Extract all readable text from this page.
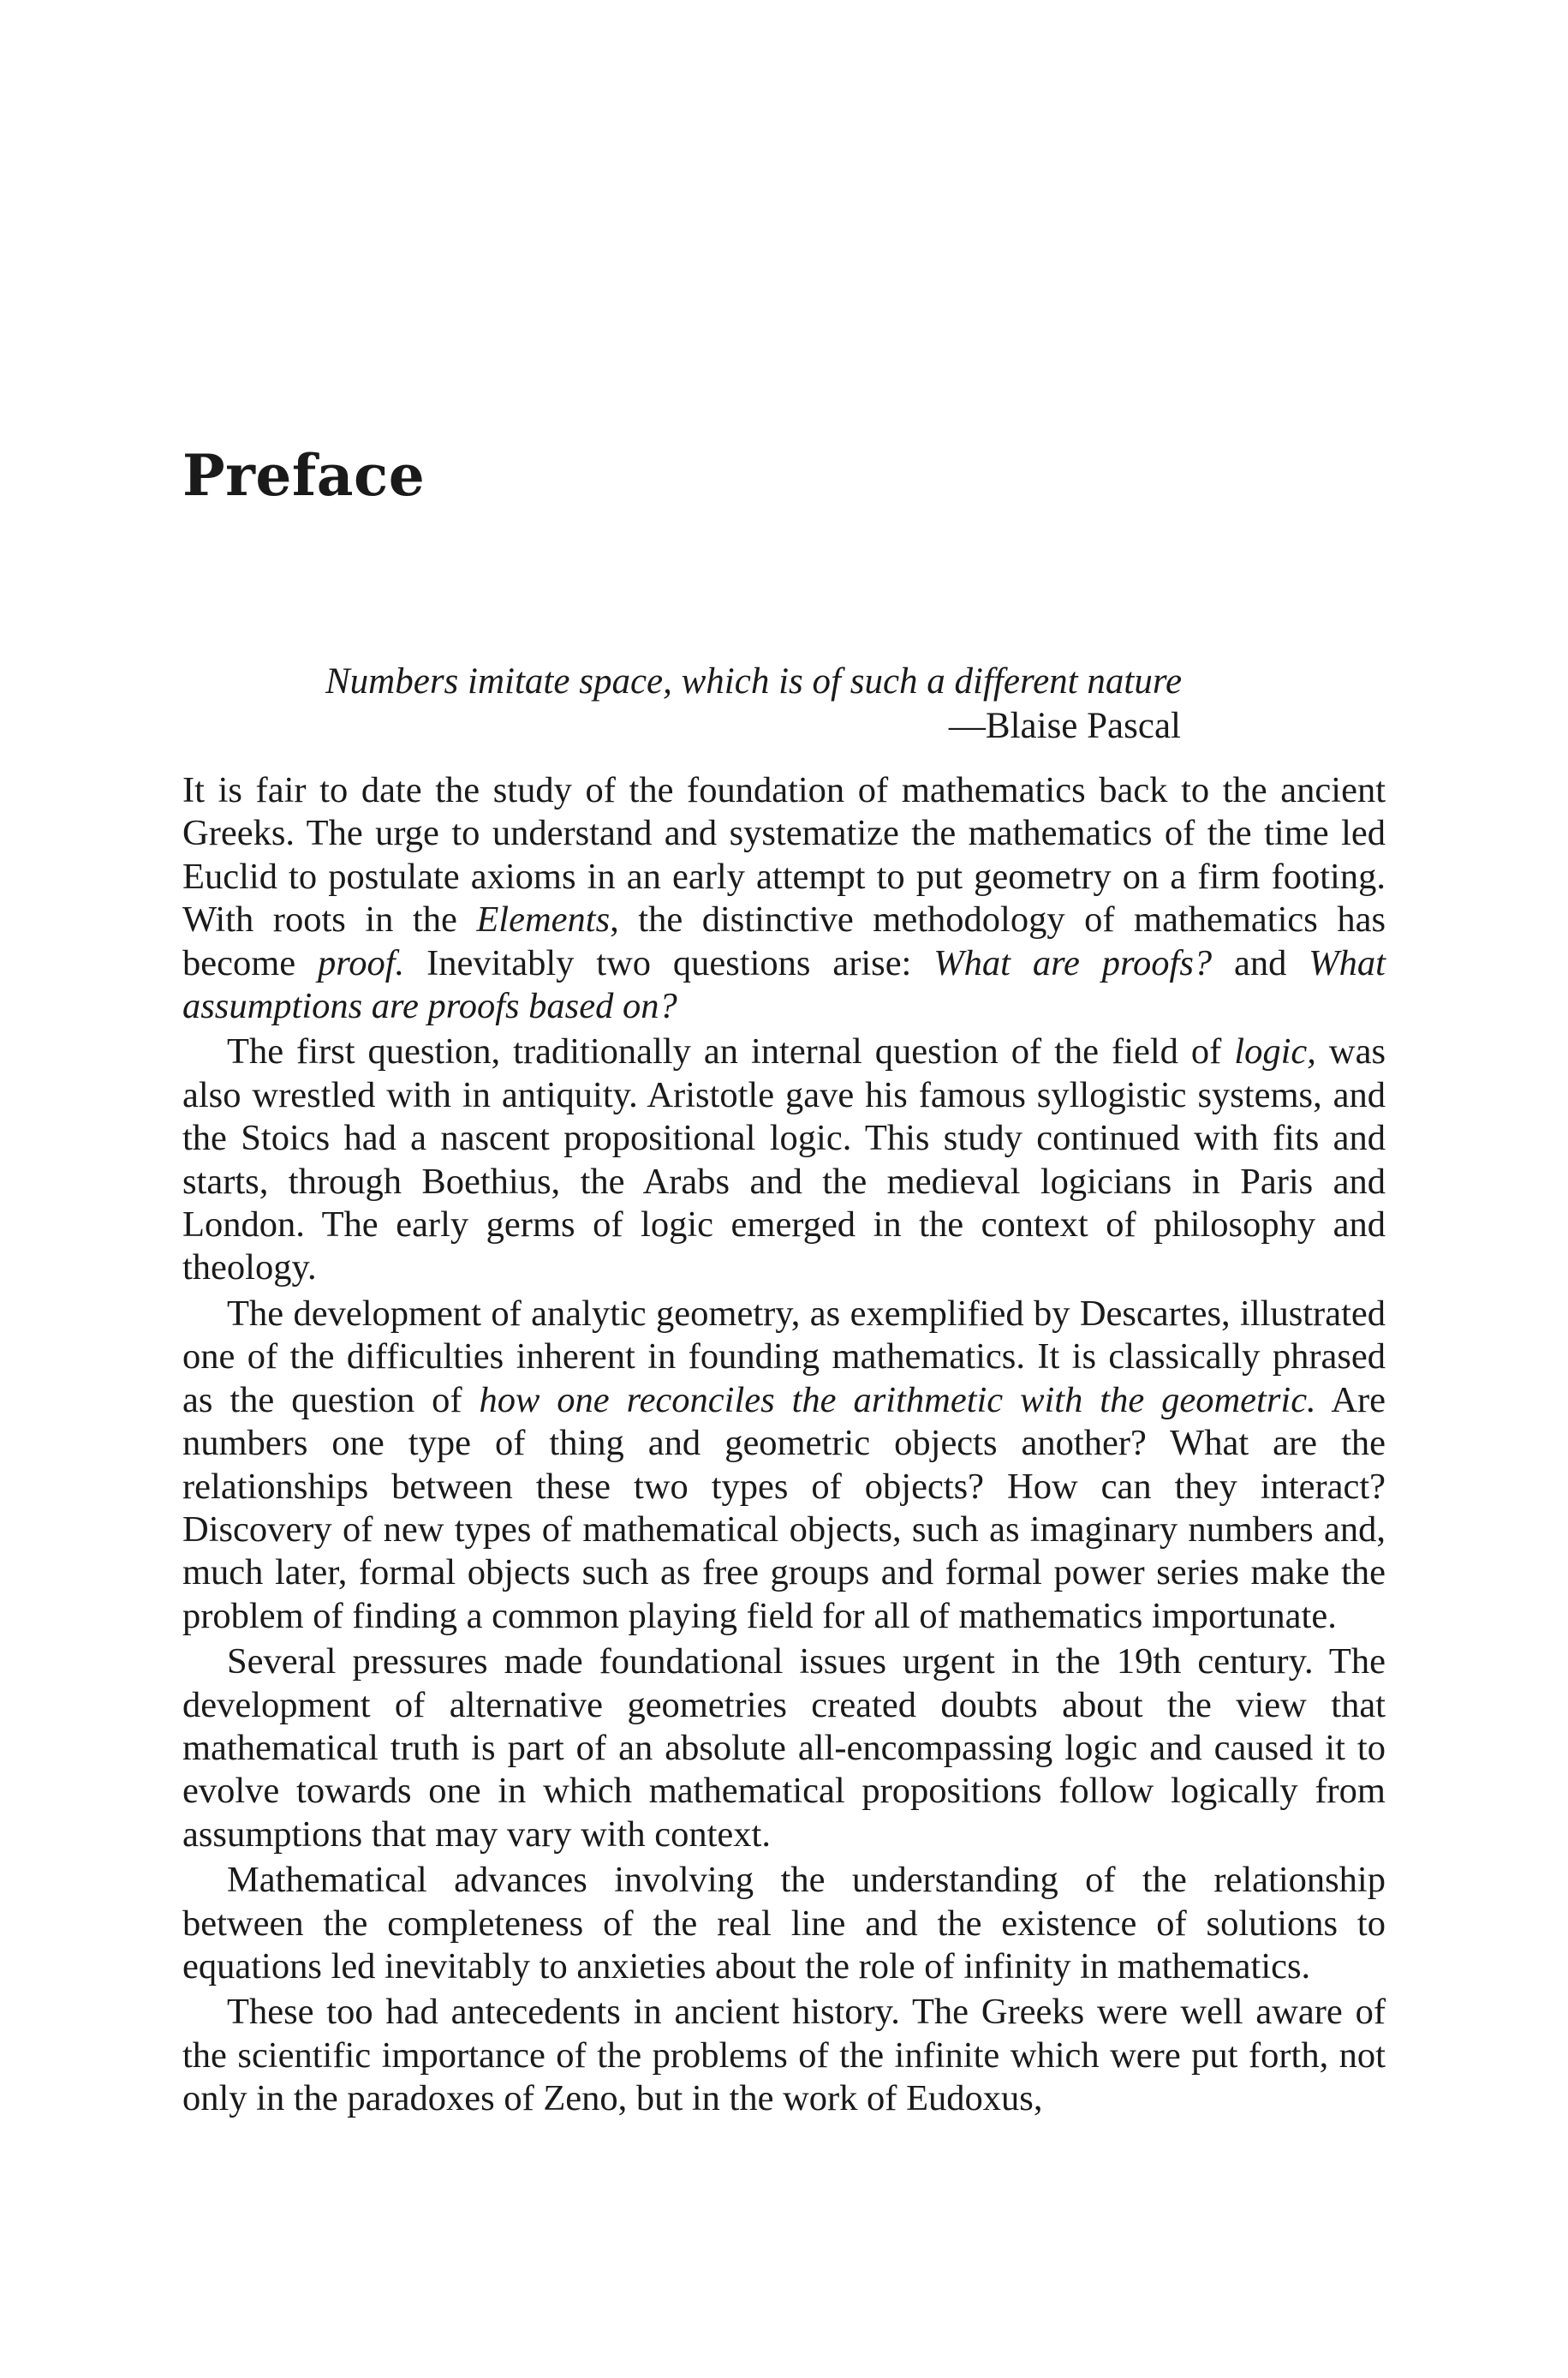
Preface
Numbers imitate space, which is of such a different nature
—Blaise Pascal

It is fair to date the study of the foundation of mathematics back to the ancient Greeks. The urge to understand and systematize the mathematics of the time led Euclid to postulate axioms in an early attempt to put geometry on a firm footing. With roots in the Elements, the distinctive methodology of mathematics has become proof. Inevitably two questions arise: What are proofs? and What assumptions are proofs based on?

The first question, traditionally an internal question of the field of logic, was also wrestled with in antiquity. Aristotle gave his famous syllogistic systems, and the Stoics had a nascent propositional logic. This study continued with fits and starts, through Boethius, the Arabs and the medieval logicians in Paris and London. The early germs of logic emerged in the context of philosophy and theology.

The development of analytic geometry, as exemplified by Descartes, illustrated one of the difficulties inherent in founding mathematics. It is classically phrased as the question of how one reconciles the arithmetic with the geometric. Are numbers one type of thing and geometric objects another? What are the relationships between these two types of objects? How can they interact? Discovery of new types of mathematical objects, such as imaginary numbers and, much later, formal objects such as free groups and formal power series make the problem of finding a common playing field for all of mathematics importunate.

Several pressures made foundational issues urgent in the 19th century. The development of alternative geometries created doubts about the view that mathematical truth is part of an absolute all-encompassing logic and caused it to evolve towards one in which mathematical propositions follow logically from assumptions that may vary with context.

Mathematical advances involving the understanding of the relationship between the completeness of the real line and the existence of solutions to equations led inevitably to anxieties about the role of infinity in mathematics.

These too had antecedents in ancient history. The Greeks were well aware of the scientific importance of the problems of the infinite which were put forth, not only in the paradoxes of Zeno, but in the work of Eudoxus,
